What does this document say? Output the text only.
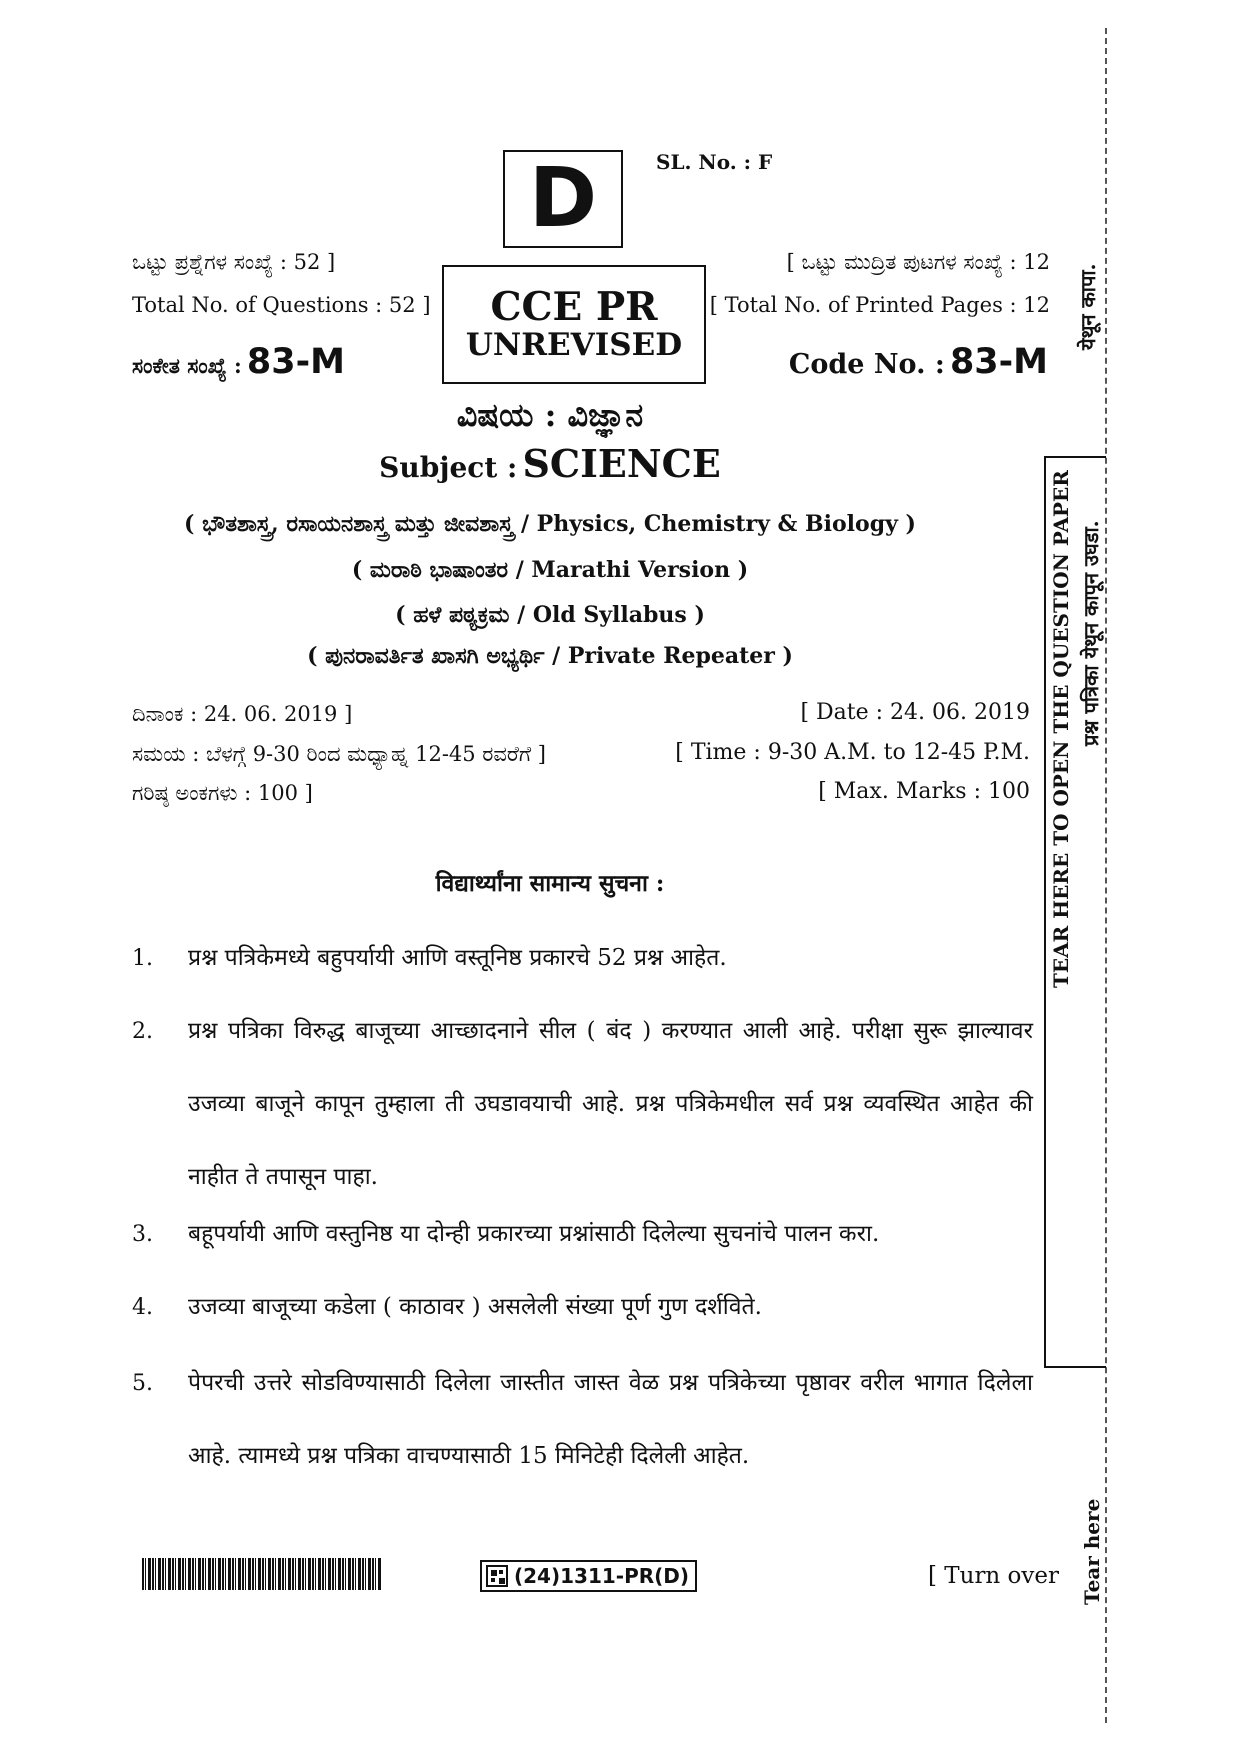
D	SL. No. : F
ಒಟ್ಟು ಪ್ರಶ್ನೆಗಳ ಸಂಖ್ಯೆ : 52 ]
Total No. of Questions : 52 ]
[ ಒಟ್ಟು ಮುದ್ರಿತ ಪುಟಗಳ ಸಂಖ್ಯೆ : 12
[ Total No. of Printed Pages : 12
CCE PR
UNREVISED
ಸಂಕೇತ ಸಂಖ್ಯೆ : 83-M	Code No. : 83-M
ವಿಷಯ : ವಿಜ್ಞಾನ
Subject : SCIENCE
( ಭೌತಶಾಸ್ತ್ರ, ರಸಾಯನಶಾಸ್ತ್ರ ಮತ್ತು ಜೀವಶಾಸ್ತ್ರ / Physics, Chemistry & Biology )
( ಮರಾಠಿ ಭಾಷಾಂತರ / Marathi Version )
( ಹಳೆ ಪಠ್ಯಕ್ರಮ / Old Syllabus )
( ಪುನರಾವರ್ತಿತ ಖಾಸಗಿ ಅಭ್ಯರ್ಥಿ / Private Repeater )
ದಿನಾಂಕ : 24. 06. 2019 ]	[ Date : 24. 06. 2019
ಸಮಯ : ಬೆಳಗ್ಗೆ 9-30 ರಿಂದ ಮಧ್ಯಾಹ್ನ 12-45 ರವರೆಗೆ ]	[ Time : 9-30 A.M. to 12-45 P.M.
ಗರಿಷ್ಠ ಅಂಕಗಳು : 100 ]	[ Max. Marks : 100
विद्यार्थ्यांना सामान्य सुचना :
1. प्रश्न पत्रिकेमध्ये बहुपर्यायी आणि वस्तूनिष्ठ प्रकारचे 52 प्रश्न आहेत.
2. प्रश्न पत्रिका विरुद्ध बाजूच्या आच्छादनाने सील ( बंद ) करण्यात आली आहे. परीक्षा सुरू झाल्यावर उजव्या बाजूने कापून तुम्हाला ती उघडावयाची आहे. प्रश्न पत्रिकेमधील सर्व प्रश्न व्यवस्थित आहेत की नाहीत ते तपासून पाहा.
3. बहूपर्यायी आणि वस्तुनिष्ठ या दोन्ही प्रकारच्या प्रश्नांसाठी दिलेल्या सुचनांचे पालन करा.
4. उजव्या बाजूच्या कडेला ( काठावर ) असलेली संख्या पूर्ण गुण दर्शविते.
5. पेपरची उत्तरे सोडविण्यासाठी दिलेला जास्तीत जास्त वेळ प्रश्न पत्रिकेच्या पृष्ठावर वरील भागात दिलेला आहे. त्यामध्ये प्रश्न पत्रिका वाचण्यासाठी 15 मिनिटेही दिलेली आहेत.
येथून कापा.
TEAR HERE TO OPEN THE QUESTION PAPER प्रश्न पत्रिका येथून कापून उघडा.
Tear here
(24)1311-PR(D)	[ Turn over
